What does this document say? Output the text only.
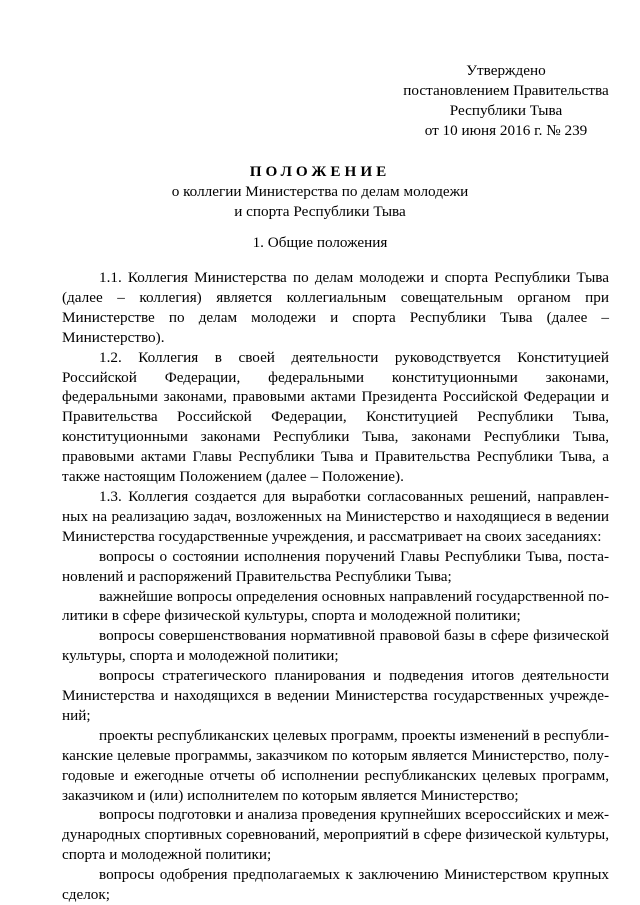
Утверждено
постановлением Правительства
Республики Тыва
от 10 июня 2016 г. № 239
ПОЛОЖЕНИЕ
о коллегии Министерства по делам молодежи
и спорта Республики Тыва
1. Общие положения

1.1. Коллегия Министерства по делам молодежи и спорта Республики Тыва (далее – коллегия) является коллегиальным совещательным органом при Министерстве по делам молодежи и спорта Республики Тыва (далее – Министерство).

1.2. Коллегия в своей деятельности руководствуется Конституцией Российской Федерации, федеральными конституционными законами, федеральными законами, правовыми актами Президента Российской Федерации и Правительства Российской Федерации, Конституцией Республики Тыва, конституционными законами Республики Тыва, законами Республики Тыва, правовыми актами Главы Республики Тыва и Правительства Республики Тыва, а также настоящим Положением (далее – Положение).

1.3. Коллегия создается для выработки согласованных решений, направленных на реализацию задач, возложенных на Министерство и находящиеся в ведении Министерства государственные учреждения, и рассматривает на своих заседаниях:

вопросы о состоянии исполнения поручений Главы Республики Тыва, постановлений и распоряжений Правительства Республики Тыва;

важнейшие вопросы определения основных направлений государственной политики в сфере физической культуры, спорта и молодежной политики;

вопросы совершенствования нормативной правовой базы в сфере физической культуры, спорта и молодежной политики;

вопросы стратегического планирования и подведения итогов деятельности Министерства и находящихся в ведении Министерства государственных учреждений;

проекты республиканских целевых программ, проекты изменений в республиканские целевые программы, заказчиком по которым является Министерство, полугодовые и ежегодные отчеты об исполнении республиканских целевых программ, заказчиком и (или) исполнителем по которым является Министерство;

вопросы подготовки и анализа проведения крупнейших всероссийских и международных спортивных соревнований, мероприятий в сфере физической культуры, спорта и молодежной политики;

вопросы одобрения предполагаемых к заключению Министерством крупных сделок;
